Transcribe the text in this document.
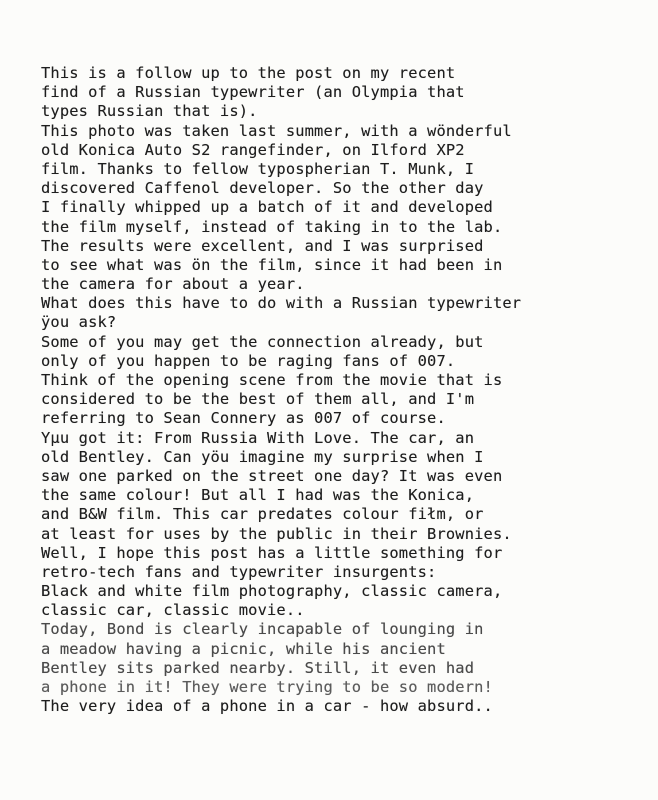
This is a follow up to the post on my recent
find of a Russian typewriter (an Olympia that
types Russian that is).
This photo was taken last summer, with a wönderful
old Konica Auto S2 rangefinder, on Ilford XP2
film. Thanks to fellow typospherian T. Munk, I
discovered Caffenol developer. So the other day
I finally whipped up a batch of it and developed
the film myself, instead of taking in to the lab.
The results were excellent, and I was surprised
to see what was ön the film, since it had been in
the camera for about a year.
What does this have to do with a Russian typewriter
ÿou ask?
Some of you may get the connection already, but
only of you happen to be raging fans of 007.
Think of the opening scene from the movie that is
considered to be the best of them all, and I'm
referring to Sean Connery as 007 of course.
Yµu got it: From Russia With Love. The car, an
old Bentley. Can yöu imagine my surprise when I
saw one parked on the street one day? It was even
the same colour! But all I had was the Konica,
and B&W film. This car predates colour fiłm, or
at least for uses by the public in their Brownies.
Well, I hope this post has a little something for
retro-tech fans and typewriter insurgents:
Black and white film photography, classic camera,
classic car, classic movie..
Today, Bond is clearly incapable of lounging in
a meadow having a picnic, while his ancient
Bentley sits parked nearby. Still, it even had
a phone in it! They were trying to be so modern!
The very idea of a phone in a car - how absurd..
